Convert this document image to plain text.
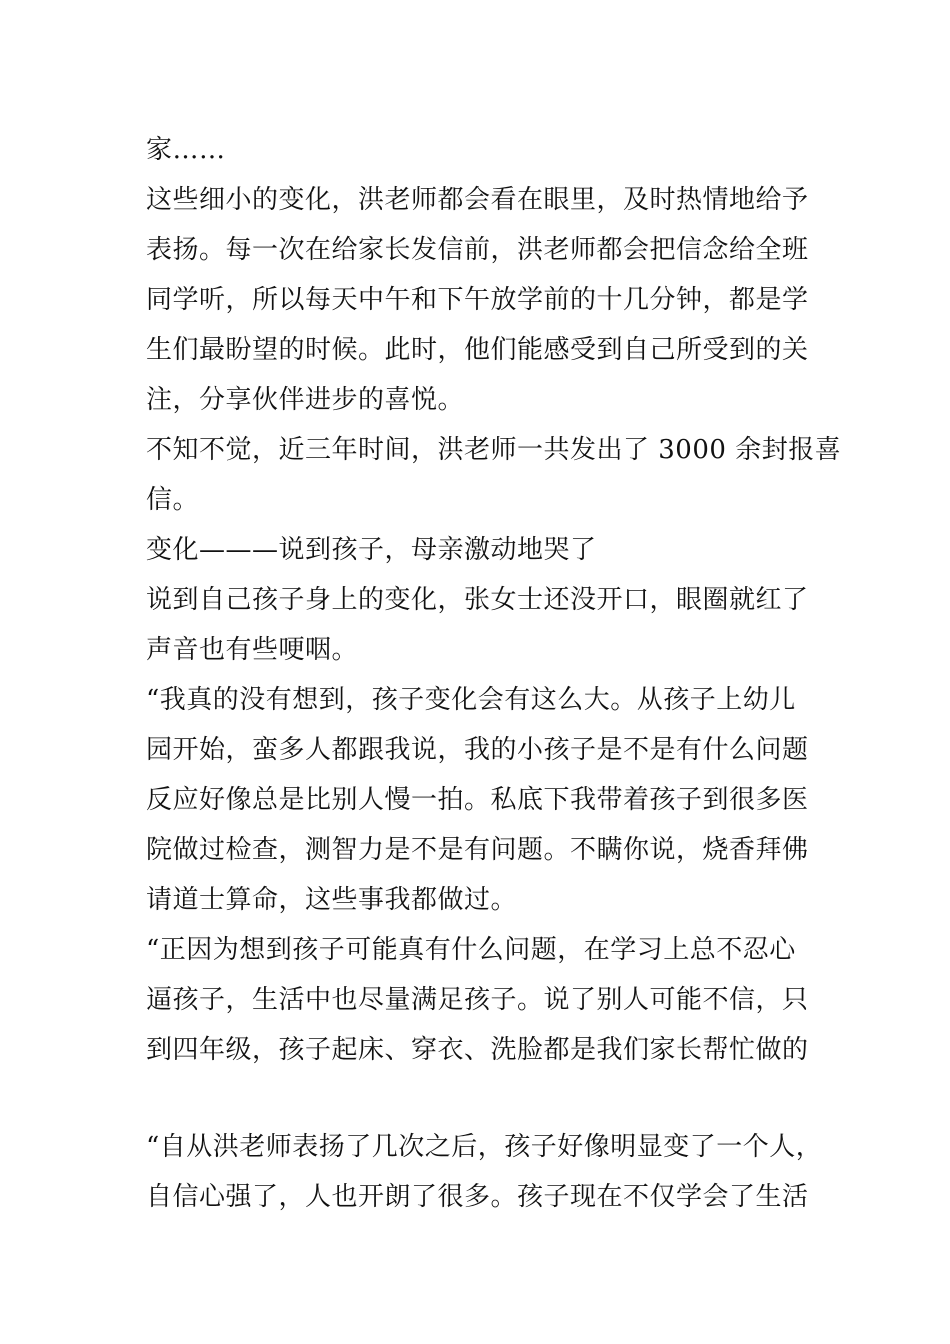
家……
这些细小的变化，洪老师都会看在眼里，及时热情地给予
表扬。每一次在给家长发信前，洪老师都会把信念给全班
同学听，所以每天中午和下午放学前的十几分钟，都是学
生们最盼望的时候。此时，他们能感受到自己所受到的关
注，分享伙伴进步的喜悦。
不知不觉，近三年时间，洪老师一共发出了 3000 余封报喜
信。
变化———说到孩子，母亲激动地哭了
说到自己孩子身上的变化，张女士还没开口，眼圈就红了
声音也有些哽咽。
“我真的没有想到，孩子变化会有这么大。从孩子上幼儿
园开始，蛮多人都跟我说，我的小孩子是不是有什么问题
反应好像总是比别人慢一拍。私底下我带着孩子到很多医
院做过检查，测智力是不是有问题。不瞒你说，烧香拜佛
请道士算命，这些事我都做过。
“正因为想到孩子可能真有什么问题，在学习上总不忍心
逼孩子，生活中也尽量满足孩子。说了别人可能不信，只
到四年级，孩子起床、穿衣、洗脸都是我们家长帮忙做的
“自从洪老师表扬了几次之后，孩子好像明显变了一个人，
自信心强了，人也开朗了很多。孩子现在不仅学会了生活
